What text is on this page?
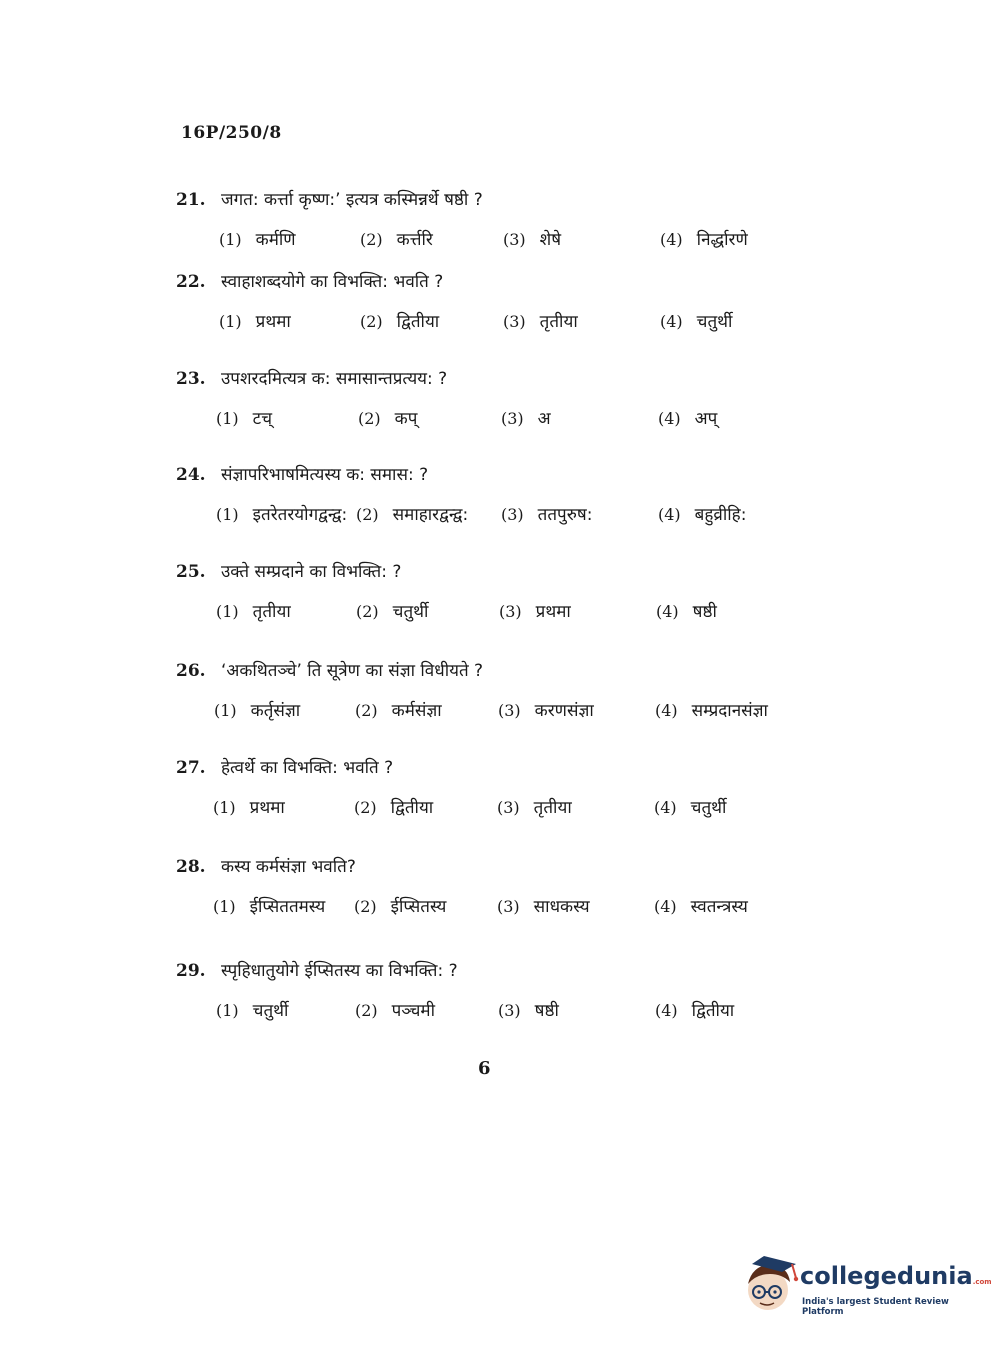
16P/250/8
21. जगत: कर्त्ता कृष्ण:’ इत्यत्र कस्मिन्नर्थे षष्ठी ?
(1) कर्मणि	(2) कर्त्तरि	(3) शेषे	(4) निर्द्धारणे
22. स्वाहाशब्दयोगे का विभक्ति: भवति ?
(1) प्रथमा	(2) द्वितीया	(3) तृतीया	(4) चतुर्थी
23. उपशरदमित्यत्र क: समासान्तप्रत्यय: ?
(1) टच्	(2) कप्	(3) अ	(4) अप्
24. संज्ञापरिभाषमित्यस्य क: समास: ?
(1) इतरेतरयोगद्वन्द्व: (2) समाहारद्वन्द्व: (3) ततपुरुष:	(4) बहुव्रीहि:
25. उक्ते सम्प्रदाने का विभक्ति: ?
(1) तृतीया	(2) चतुर्थी	(3) प्रथमा	(4) षष्ठी
26. ‘अकथितञ्चे’ ति सूत्रेण का संज्ञा विधीयते ?
(1) कर्तृसंज्ञा	(2) कर्मसंज्ञा	(3) करणसंज्ञा	(4) सम्प्रदानसंज्ञा
27. हेत्वर्थे का विभक्ति: भवति ?
(1) प्रथमा	(2) द्वितीया	(3) तृतीया	(4) चतुर्थी
28. कस्य कर्मसंज्ञा भवति?
(1) ईप्सिततमस्य (2) ईप्सितस्य	(3) साधकस्य	(4) स्वतन्त्रस्य
29. स्पृहिधातुयोगे ईप्सितस्य का विभक्ति: ?
(1) चतुर्थी	(2) पञ्चमी	(3) षष्ठी	(4) द्वितीया
6
collegedunia.com
India's largest Student Review Platform
